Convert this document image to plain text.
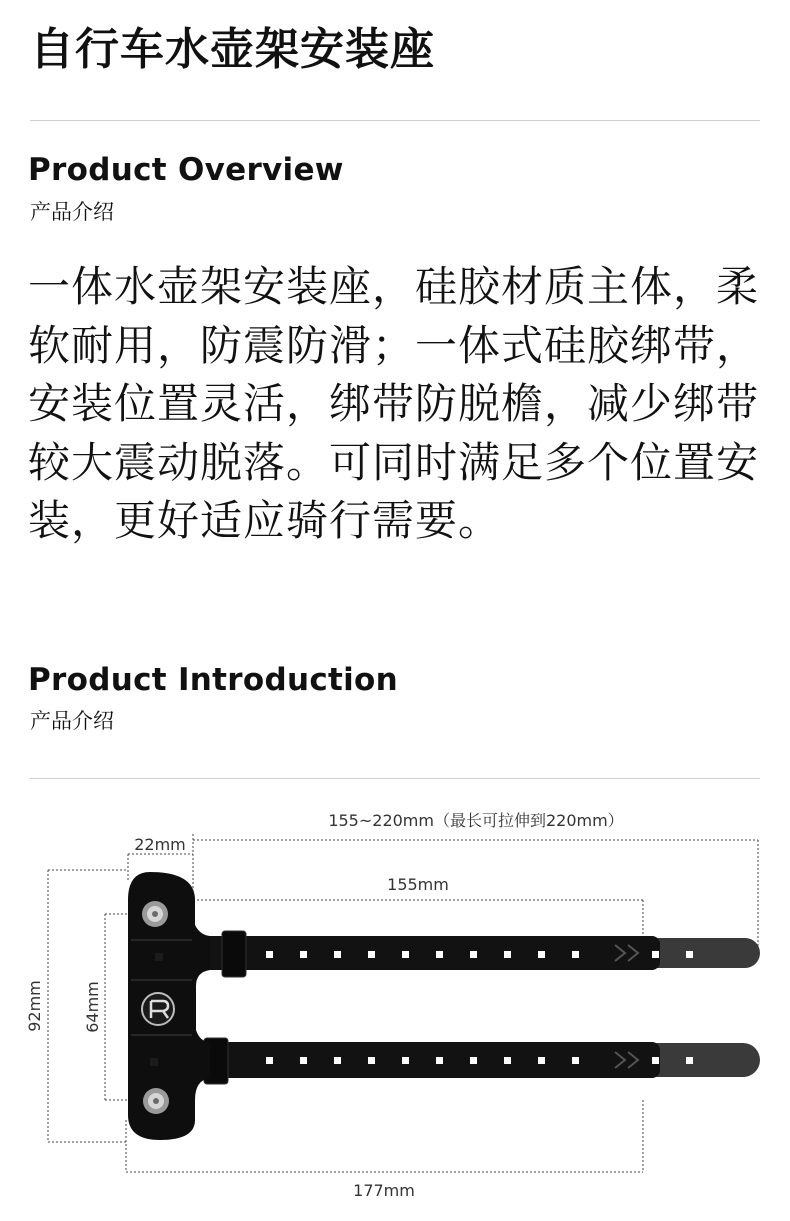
自行车水壶架安装座
Product Overview
产品介绍

一体水壶架安装座，硅胶材质主体，柔软耐用，防震防滑；一体式硅胶绑带，安装位置灵活，绑带防脱檐，减少绑带较大震动脱落。可同时满足多个位置安装，更好适应骑行需要。

Product Introduction
产品介绍
155~220mm（最长可拉伸到220mm）
22mm
155mm
92mm 64mm
177mm
